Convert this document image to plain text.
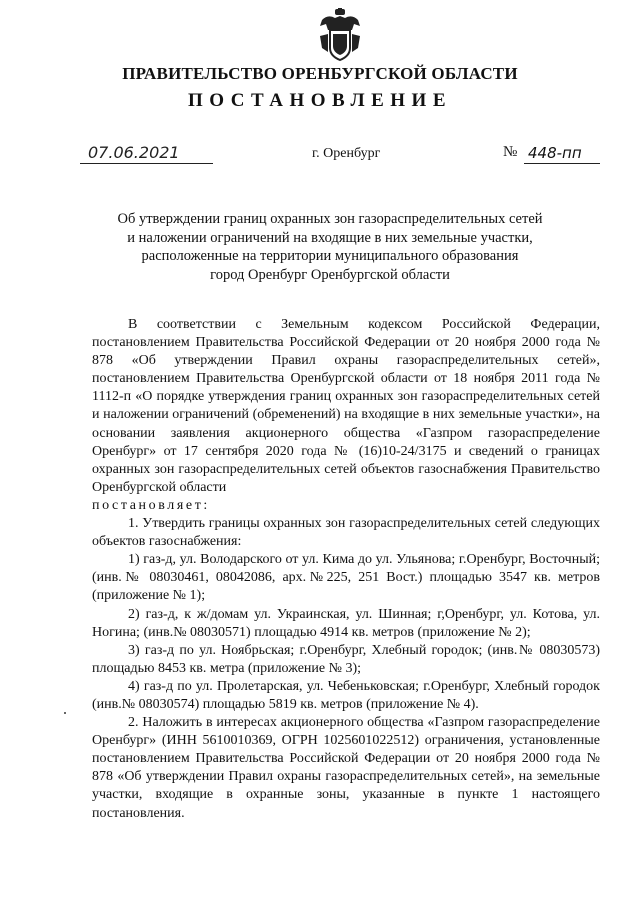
ПРАВИТЕЛЬСТВО ОРЕНБУРГСКОЙ ОБЛАСТИ
ПОСТАНОВЛЕНИЕ
07.06.2021	г. Оренбург	№ 448-пп
Об утверждении границ охранных зон газораспределительных сетей
и наложении ограничений на входящие в них земельные участки,
расположенные на территории муниципального образования
город Оренбург Оренбургской области

В соответствии с Земельным кодексом Российской Федерации, постановлением Правительства Российской Федерации от 20 ноября 2000 года № 878 «Об утверждении Правил охраны газораспределительных сетей», постановлением Правительства Оренбургской области от 18 ноября 2011 года № 1112-п «О порядке утверждения границ охранных зон газораспределительных сетей и наложении ограничений (обременений) на входящие в них земельные участки», на основании заявления акционерного общества «Газпром газораспределение Оренбург» от 17 сентября 2020 года № (16)10-24/3175 и сведений о границах охранных зон газораспределительных сетей объектов газоснабжения Правительство Оренбургской области

постановляет:

1. Утвердить границы охранных зон газораспределительных сетей следующих объектов газоснабжения:

1) газ-д, ул. Володарского от ул. Кима до ул. Ульянова; г.Оренбург, Восточный; (инв.№ 08030461, 08042086, арх.№225, 251 Вост.) площадью 3547 кв. метров (приложение № 1);

2) газ-д, к ж/домам ул. Украинская, ул. Шинная; г,Оренбург, ул. Котова, ул. Ногина; (инв.№ 08030571) площадью 4914 кв. метров (приложение № 2);

3) газ-д по ул. Ноябрьская; г.Оренбург, Хлебный городок; (инв.№ 08030573) площадью 8453 кв. метра (приложение № 3);

4) газ-д по ул. Пролетарская, ул. Чебеньковская; г.Оренбург, Хлебный городок (инв.№ 08030574) площадью 5819 кв. метров (приложение № 4).

2. Наложить в интересах акционерного общества «Газпром газораспределение Оренбург» (ИНН 5610010369, ОГРН 1025601022512) ограничения, установленные постановлением Правительства Российской Федерации от 20 ноября 2000 года № 878 «Об утверждении Правил охраны газораспределительных сетей», на земельные участки, входящие в охранные зоны, указанные в пункте 1 настоящего постановления.
